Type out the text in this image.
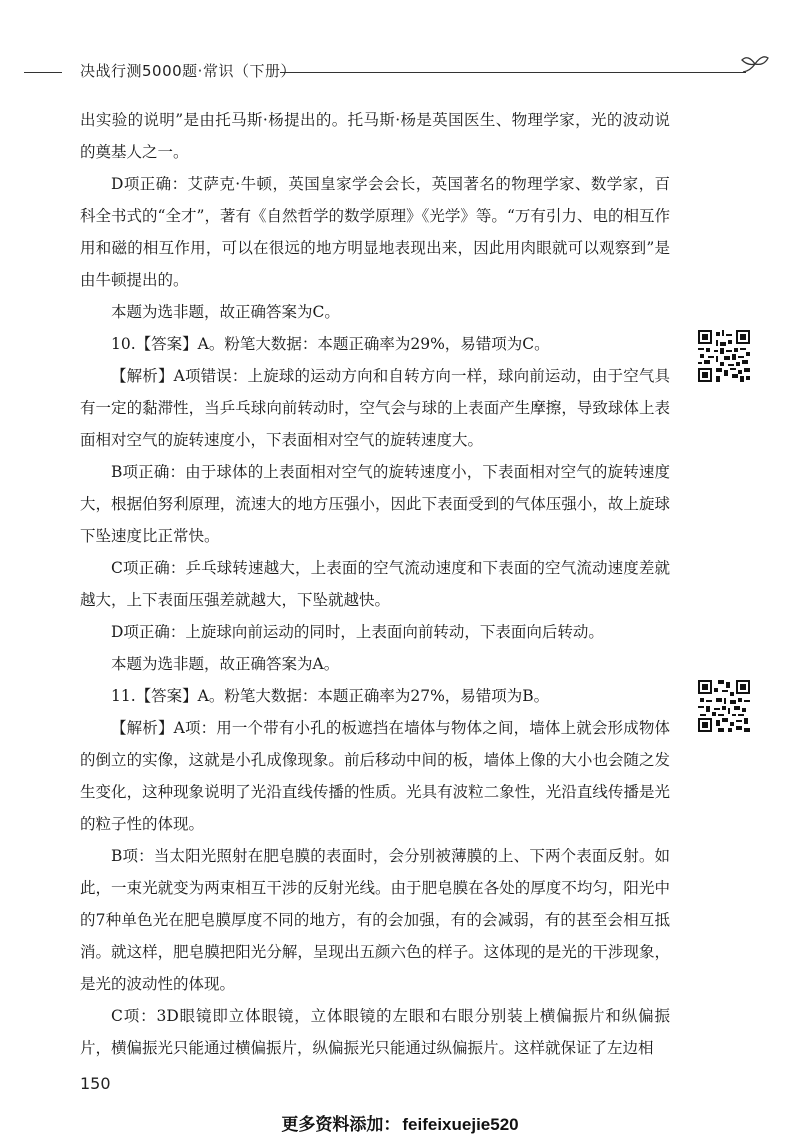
决战行测5000题·常识（下册）

出实验的说明”是由托马斯·杨提出的。托马斯·杨是英国医生、物理学家，光的波动说的奠基人之一。

D项正确：艾萨克·牛顿，英国皇家学会会长，英国著名的物理学家、数学家，百科全书式的“全才”，著有《自然哲学的数学原理》《光学》等。“万有引力、电的相互作用和磁的相互作用，可以在很远的地方明显地表现出来，因此用肉眼就可以观察到”是由牛顿提出的。

本题为选非题，故正确答案为C。

10.【答案】A。粉笔大数据：本题正确率为29%，易错项为C。

【解析】A项错误：上旋球的运动方向和自转方向一样，球向前运动，由于空气具有一定的黏滞性，当乒乓球向前转动时，空气会与球的上表面产生摩擦，导致球体上表面相对空气的旋转速度小，下表面相对空气的旋转速度大。

B项正确：由于球体的上表面相对空气的旋转速度小，下表面相对空气的旋转速度大，根据伯努利原理，流速大的地方压强小，因此下表面受到的气体压强小，故上旋球下坠速度比正常快。

C项正确：乒乓球转速越大，上表面的空气流动速度和下表面的空气流动速度差就越大，上下表面压强差就越大，下坠就越快。

D项正确：上旋球向前运动的同时，上表面向前转动，下表面向后转动。

本题为选非题，故正确答案为A。

11.【答案】A。粉笔大数据：本题正确率为27%，易错项为B。

【解析】A项：用一个带有小孔的板遮挡在墙体与物体之间，墙体上就会形成物体的倒立的实像，这就是小孔成像现象。前后移动中间的板，墙体上像的大小也会随之发生变化，这种现象说明了光沿直线传播的性质。光具有波粒二象性，光沿直线传播是光的粒子性的体现。

B项：当太阳光照射在肥皂膜的表面时，会分别被薄膜的上、下两个表面反射。如此，一束光就变为两束相互干涉的反射光线。由于肥皂膜在各处的厚度不均匀，阳光中的7种单色光在肥皂膜厚度不同的地方，有的会加强，有的会减弱，有的甚至会相互抵消。就这样，肥皂膜把阳光分解，呈现出五颜六色的样子。这体现的是光的干涉现象，是光的波动性的体现。

C项：3D眼镜即立体眼镜，立体眼镜的左眼和右眼分别装上横偏振片和纵偏振片，横偏振光只能通过横偏振片，纵偏振光只能通过纵偏振片。这样就保证了左边相

150
更多资料添加： feifeixuejie520
